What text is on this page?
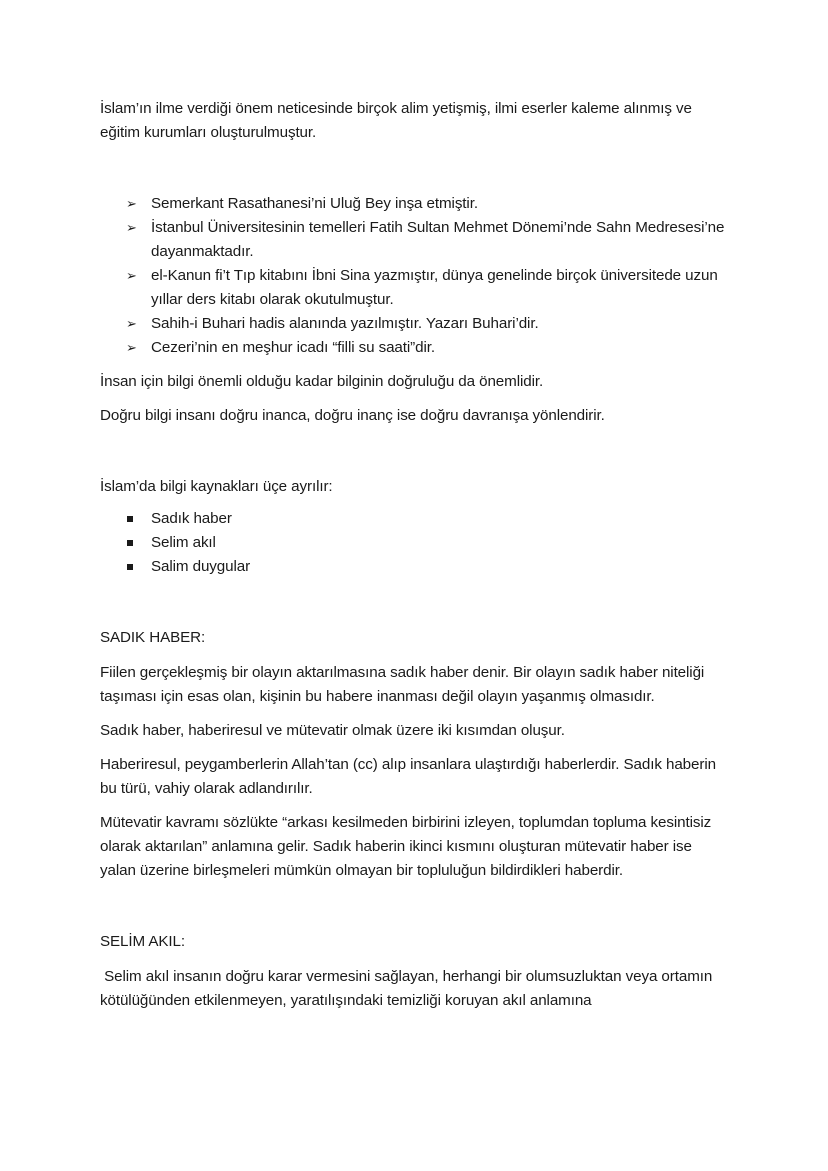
İslam’ın ilme verdiği önem neticesinde birçok alim yetişmiş, ilmi eserler kaleme alınmış ve eğitim kurumları oluşturulmuştur.

➢ Semerkant Rasathanesi’ni Uluğ Bey inşa etmiştir.
➢ İstanbul Üniversitesinin temelleri Fatih Sultan Mehmet Dönemi’nde Sahn Medresesi’ne dayanmaktadır.
➢ el-Kanun fi’t Tıp kitabını İbni Sina yazmıştır, dünya genelinde birçok üniversitede uzun yıllar ders kitabı olarak okutulmuştur.
➢ Sahih-i Buhari hadis alanında yazılmıştır. Yazarı Buhari’dir.
➢ Cezeri’nin en meşhur icadı “filli su saati”dir.

İnsan için bilgi önemli olduğu kadar bilginin doğruluğu da önemlidir.

Doğru bilgi insanı doğru inanca, doğru inanç ise doğru davranışa yönlendirir.

İslam’da bilgi kaynakları üçe ayrılır:

Sadık haber
Selim akıl
Salim duygular

SADIK HABER:

Fiilen gerçekleşmiş bir olayın aktarılmasına sadık haber denir. Bir olayın sadık haber niteliği taşıması için esas olan, kişinin bu habere inanması değil olayın yaşanmış olmasıdır.

Sadık haber, haberiresul ve mütevatir olmak üzere iki kısımdan oluşur.

Haberiresul, peygamberlerin Allah’tan (cc) alıp insanlara ulaştırdığı haberlerdir. Sadık haberin bu türü, vahiy olarak adlandırılır.

Mütevatir kavramı sözlükte “arkası kesilmeden birbirini izleyen, toplumdan topluma kesintisiz olarak aktarılan” anlamına gelir. Sadık haberin ikinci kısmını oluşturan mütevatir haber ise yalan üzerine birleşmeleri mümkün olmayan bir topluluğun bildirdikleri haberdir.

SELİM AKIL:

Selim akıl insanın doğru karar vermesini sağlayan, herhangi bir olumsuzluktan veya ortamın kötülüğünden etkilenmeyen, yaratılışındaki temizliği koruyan akıl anlamına
